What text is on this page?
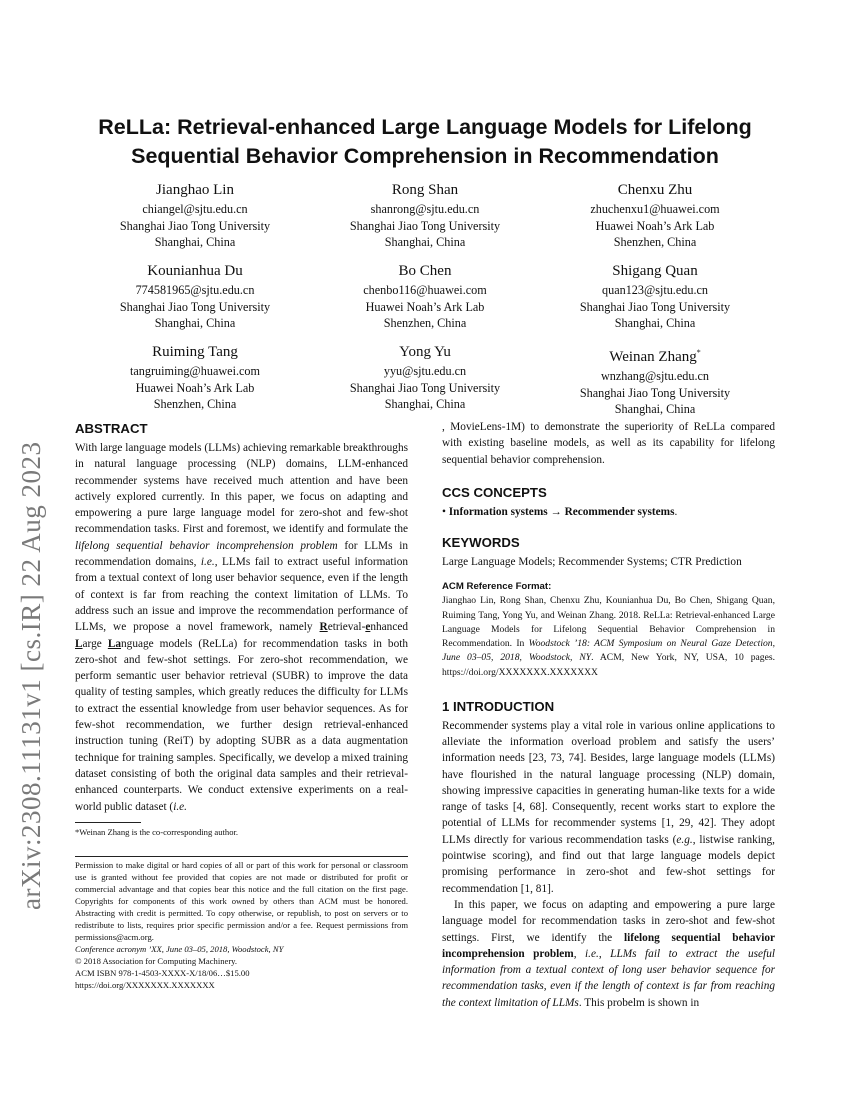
arXiv:2308.11131v1 [cs.IR] 22 Aug 2023
ReLLa: Retrieval-enhanced Large Language Models for Lifelong Sequential Behavior Comprehension in Recommendation
Jianghao Lin
chiangel@sjtu.edu.cn
Shanghai Jiao Tong University
Shanghai, China
Rong Shan
shanrong@sjtu.edu.cn
Shanghai Jiao Tong University
Shanghai, China
Chenxu Zhu
zhuchenxu1@huawei.com
Huawei Noah’s Ark Lab
Shenzhen, China
Kounianhua Du
774581965@sjtu.edu.cn
Shanghai Jiao Tong University
Shanghai, China
Bo Chen
chenbo116@huawei.com
Huawei Noah’s Ark Lab
Shenzhen, China
Shigang Quan
quan123@sjtu.edu.cn
Shanghai Jiao Tong University
Shanghai, China
Ruiming Tang
tangruiming@huawei.com
Huawei Noah’s Ark Lab
Shenzhen, China
Yong Yu
yyu@sjtu.edu.cn
Shanghai Jiao Tong University
Shanghai, China
Weinan Zhang*
wnzhang@sjtu.edu.cn
Shanghai Jiao Tong University
Shanghai, China

ABSTRACT

With large language models (LLMs) achieving remarkable breakthroughs in natural language processing (NLP) domains, LLM-enhanced recommender systems have received much attention and have been actively explored currently. In this paper, we focus on adapting and empowering a pure large language model for zero-shot and few-shot recommendation tasks. First and foremost, we identify and formulate the lifelong sequential behavior incomprehension problem for LLMs in recommendation domains, i.e., LLMs fail to extract useful information from a textual context of long user behavior sequence, even if the length of context is far from reaching the context limitation of LLMs. To address such an issue and improve the recommendation performance of LLMs, we propose a novel framework, namely Retrieval-enhanced Large Language models (ReLLa) for recommendation tasks in both zero-shot and few-shot settings. For zero-shot recommendation, we perform semantic user behavior retrieval (SUBR) to improve the data quality of testing samples, which greatly reduces the difficulty for LLMs to extract the essential knowledge from user behavior sequences. As for few-shot recommendation, we further design retrieval-enhanced instruction tuning (ReiT) by adopting SUBR as a data augmentation technique for training samples. Specifically, we develop a mixed training dataset consisting of both the original data samples and their retrieval-enhanced counterparts. We conduct extensive experiments on a real-world public dataset (i.e.

*Weinan Zhang is the co-corresponding author.

Permission to make digital or hard copies of all or part of this work for personal or classroom use is granted without fee provided that copies are not made or distributed for profit or commercial advantage and that copies bear this notice and the full citation on the first page. Copyrights for components of this work owned by others than ACM must be honored. Abstracting with credit is permitted. To copy otherwise, or republish, to post on servers or to redistribute to lists, requires prior specific permission and/or a fee. Request permissions from permissions@acm.org.

Conference acronym ’XX, June 03–05, 2018, Woodstock, NY

© 2018 Association for Computing Machinery.

ACM ISBN 978-1-4503-XXXX-X/18/06…$15.00

https://doi.org/XXXXXXX.XXXXXXX

, MovieLens-1M) to demonstrate the superiority of ReLLa compared with existing baseline models, as well as its capability for lifelong sequential behavior comprehension.

CCS CONCEPTS

• Information systems → Recommender systems.

KEYWORDS

Large Language Models; Recommender Systems; CTR Prediction

ACM Reference Format:

Jianghao Lin, Rong Shan, Chenxu Zhu, Kounianhua Du, Bo Chen, Shigang Quan, Ruiming Tang, Yong Yu, and Weinan Zhang. 2018. ReLLa: Retrieval-enhanced Large Language Models for Lifelong Sequential Behavior Comprehension in Recommendation. In Woodstock ’18: ACM Symposium on Neural Gaze Detection, June 03–05, 2018, Woodstock, NY. ACM, New York, NY, USA, 10 pages. https://doi.org/XXXXXXX.XXXXXXX

1 INTRODUCTION

Recommender systems play a vital role in various online applications to alleviate the information overload problem and satisfy the users’ information needs [23, 73, 74]. Besides, large language models (LLMs) have flourished in the natural language processing (NLP) domain, showing impressive capacities in generating human-like texts for a wide range of tasks [4, 68]. Consequently, recent works start to explore the potential of LLMs for recommender systems [1, 29, 42]. They adopt LLMs directly for various recommendation tasks (e.g., listwise ranking, pointwise scoring), and find out that large language models depict promising performance in zero-shot and few-shot settings for recommendation [1, 81].

In this paper, we focus on adapting and empowering a pure large language model for recommendation tasks in zero-shot and few-shot settings. First, we identify the lifelong sequential behavior incomprehension problem, i.e., LLMs fail to extract the useful information from a textual context of long user behavior sequence for recommendation tasks, even if the length of context is far from reaching the context limitation of LLMs. This probelm is shown in
